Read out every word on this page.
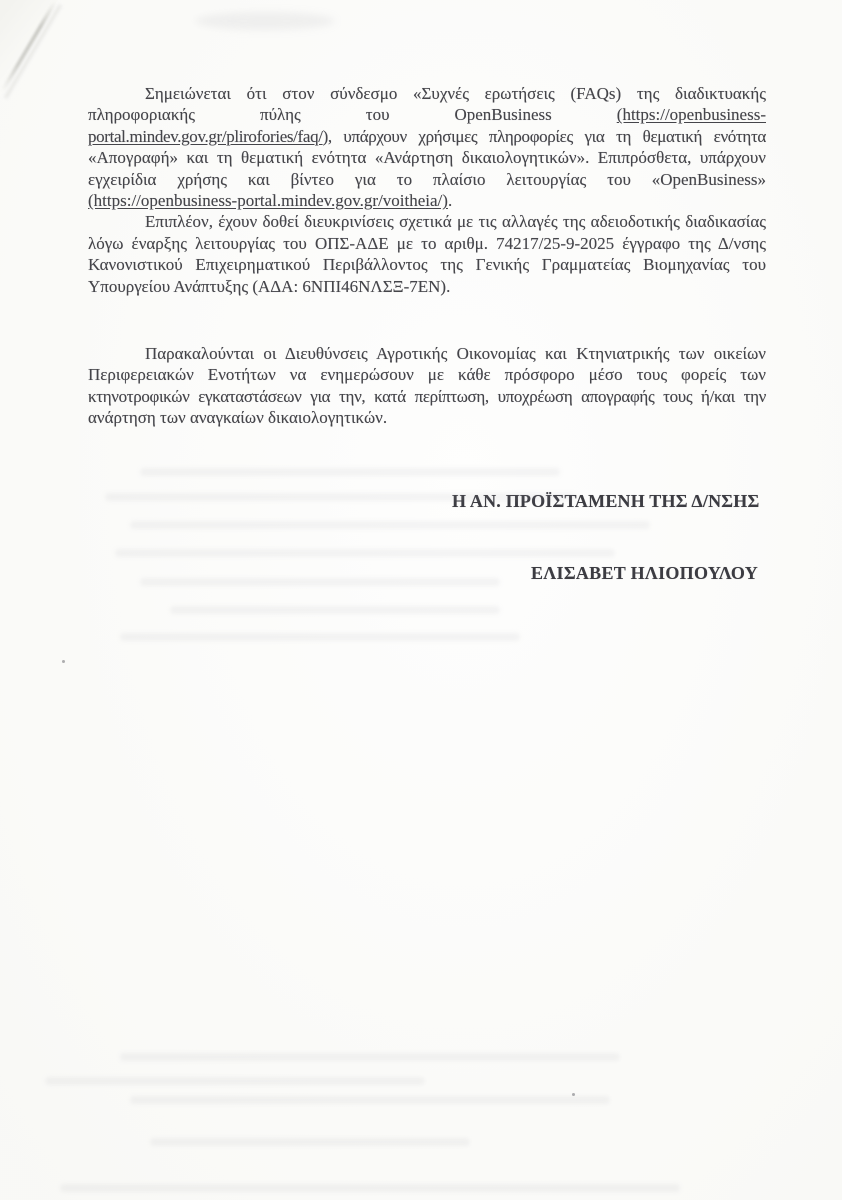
Σημειώνεται ότι στον σύνδεσμο «Συχνές ερωτήσεις (FAQs) της διαδικτυακής
πληροφοριακής πύλης του OpenBusiness (https://openbusiness-
portal.mindev.gov.gr/plirofories/faq/), υπάρχουν χρήσιμες πληροφορίες για τη θεματική ενότητα
«Απογραφή» και τη θεματική ενότητα «Ανάρτηση δικαιολογητικών». Επιπρόσθετα, υπάρχουν
εγχειρίδια χρήσης και βίντεο για το πλαίσιο λειτουργίας του «OpenBusiness»
(https://openbusiness-portal.mindev.gov.gr/voitheia/).
Επιπλέον, έχουν δοθεί διευκρινίσεις σχετικά με τις αλλαγές της αδειοδοτικής διαδικασίας
λόγω έναρξης λειτουργίας του ΟΠΣ-ΑΔΕ με το αριθμ. 74217/25-9-2025 έγγραφο της Δ/νσης
Κανονιστικού Επιχειρηματικού Περιβάλλοντος της Γενικής Γραμματείας Βιομηχανίας του
Υπουργείου Ανάπτυξης (ΑΔΑ: 6ΝΠΙ46ΝΛΣΞ-7ΕΝ).
Παρακαλούνται οι Διευθύνσεις Αγροτικής Οικονομίας και Κτηνιατρικής των οικείων
Περιφερειακών Ενοτήτων να ενημερώσουν με κάθε πρόσφορο μέσο τους φορείς των
κτηνοτροφικών εγκαταστάσεων για την, κατά περίπτωση, υποχρέωση απογραφής τους ή/και την
ανάρτηση των αναγκαίων δικαιολογητικών.
Η ΑΝ. ΠΡΟΪΣΤΑΜΕΝΗ ΤΗΣ Δ/ΝΣΗΣ
ΕΛΙΣΑΒΕΤ ΗΛΙΟΠΟΥΛΟΥ
